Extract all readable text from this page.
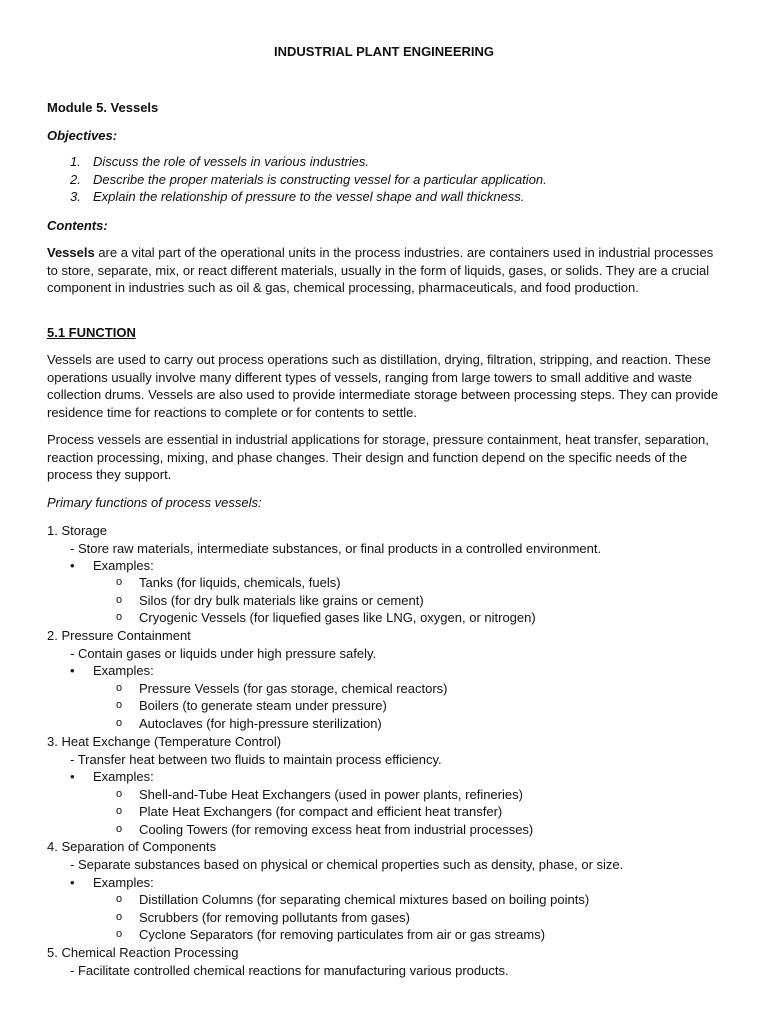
INDUSTRIAL PLANT ENGINEERING
Module 5. Vessels
Objectives:
1. Discuss the role of vessels in various industries.
2. Describe the proper materials is constructing vessel for a particular application.
3. Explain the relationship of pressure to the vessel shape and wall thickness.
Contents:
Vessels are a vital part of the operational units in the process industries. are containers used in industrial processes to store, separate, mix, or react different materials, usually in the form of liquids, gases, or solids. They are a crucial component in industries such as oil & gas, chemical processing, pharmaceuticals, and food production.
5.1 FUNCTION
Vessels are used to carry out process operations such as distillation, drying, filtration, stripping, and reaction. These operations usually involve many different types of vessels, ranging from large towers to small additive and waste collection drums. Vessels are also used to provide intermediate storage between processing steps. They can provide residence time for reactions to complete or for contents to settle.
Process vessels are essential in industrial applications for storage, pressure containment, heat transfer, separation, reaction processing, mixing, and phase changes. Their design and function depend on the specific needs of the process they support.
Primary functions of process vessels:
1. Storage
- Store raw materials, intermediate substances, or final products in a controlled environment.
• Examples:
o Tanks (for liquids, chemicals, fuels)
o Silos (for dry bulk materials like grains or cement)
o Cryogenic Vessels (for liquefied gases like LNG, oxygen, or nitrogen)
2. Pressure Containment
- Contain gases or liquids under high pressure safely.
• Examples:
o Pressure Vessels (for gas storage, chemical reactors)
o Boilers (to generate steam under pressure)
o Autoclaves (for high-pressure sterilization)
3. Heat Exchange (Temperature Control)
- Transfer heat between two fluids to maintain process efficiency.
• Examples:
o Shell-and-Tube Heat Exchangers (used in power plants, refineries)
o Plate Heat Exchangers (for compact and efficient heat transfer)
o Cooling Towers (for removing excess heat from industrial processes)
4. Separation of Components
- Separate substances based on physical or chemical properties such as density, phase, or size.
• Examples:
o Distillation Columns (for separating chemical mixtures based on boiling points)
o Scrubbers (for removing pollutants from gases)
o Cyclone Separators (for removing particulates from air or gas streams)
5. Chemical Reaction Processing
- Facilitate controlled chemical reactions for manufacturing various products.
